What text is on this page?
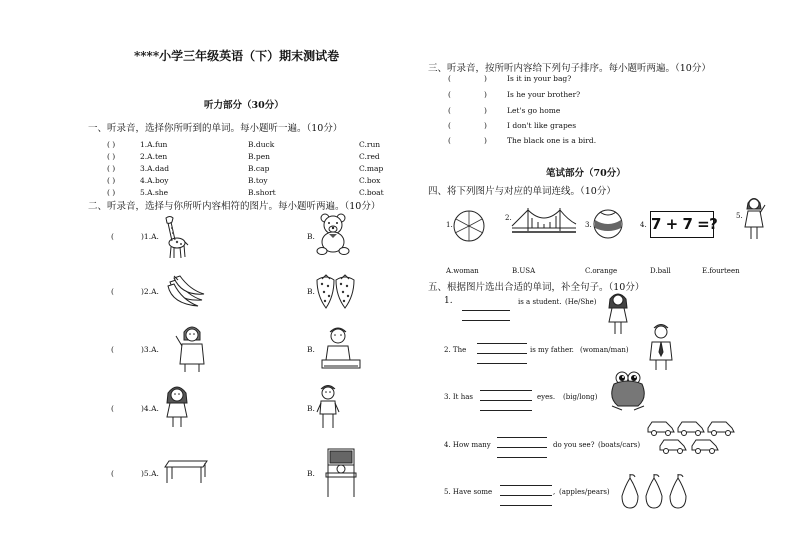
****小学三年级英语（下）期末测试卷
听力部分（30分）
一、听录音，选择你所听到的单词。每小题听一遍。（10分）
( )	1.A.fun	B.duck	C.run
( )	2.A.ten	B.pen	C.red
( )	3.A.dad	B.cap	C.map
( )	4.A.boy	B.toy	C.box
( )	5.A.she	B.short	C.boat
二、听录音，选择与你所听内容相符的图片。每小题听两遍。（10分）
(	)1.A.	B.
(	)2.A.	B.
(	)3.A.	B.
(	)4.A.	B.
(	)5.A.	B.
三、听录音，按所听内容给下列句子排序。每小题听两遍。（10分）
(	)	Is it in your bag?
(	)	Is he your brother?
(	)	Let's go home
(	)	I don't like grapes
(	)	The black one is a bird.
笔试部分（70分）
四、将下列图片与对应的单词连线。（10分）
1.
2.
3.	4. 7 + 7 =?	5.
A.woman	B.USA	C.orange	D.ball	E.fourteen
五、根据图片选出合适的单词，补全句子。（10分）
1.	is a student. (He/She)
2. The	is my father. (woman/man)
3. It has	eyes. (big/long)
4. How many	do you see? (boats/cars)
5. Have some	, (apples/pears)
